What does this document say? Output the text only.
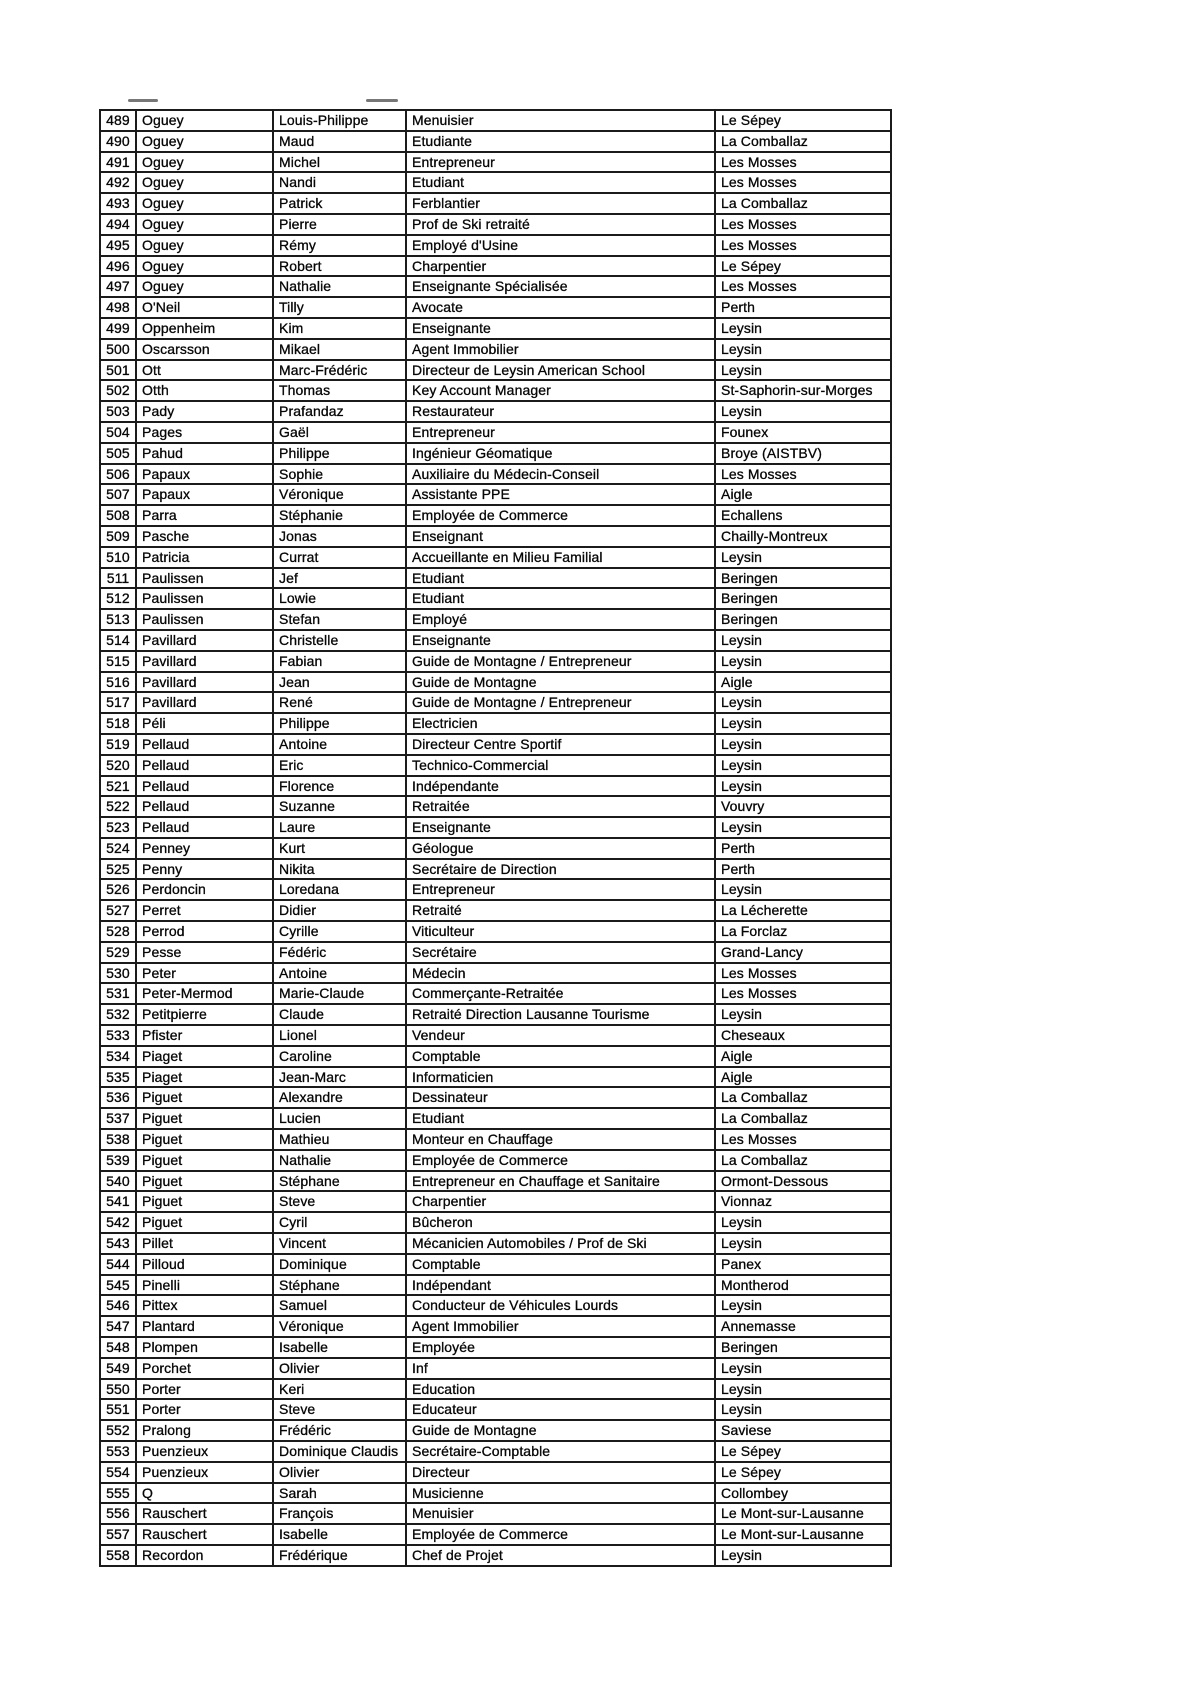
489	Oguey	Louis-Philippe	Menuisier	Le Sépey
490	Oguey	Maud	Etudiante	La Comballaz
491	Oguey	Michel	Entrepreneur	Les Mosses
492	Oguey	Nandi	Etudiant	Les Mosses
493	Oguey	Patrick	Ferblantier	La Comballaz
494	Oguey	Pierre	Prof de Ski retraité	Les Mosses
495	Oguey	Rémy	Employé d'Usine	Les Mosses
496	Oguey	Robert	Charpentier	Le Sépey
497	Oguey	Nathalie	Enseignante Spécialisée	Les Mosses
498	O'Neil	Tilly	Avocate	Perth
499	Oppenheim	Kim	Enseignante	Leysin
500	Oscarsson	Mikael	Agent Immobilier	Leysin
501	Ott	Marc-Frédéric	Directeur de Leysin American School	Leysin
502	Otth	Thomas	Key Account Manager	St-Saphorin-sur-Morges
503	Pady	Prafandaz	Restaurateur	Leysin
504	Pages	Gaël	Entrepreneur	Founex
505	Pahud	Philippe	Ingénieur Géomatique	Broye (AISTBV)
506	Papaux	Sophie	Auxiliaire du Médecin-Conseil	Les Mosses
507	Papaux	Véronique	Assistante PPE	Aigle
508	Parra	Stéphanie	Employée de Commerce	Echallens
509	Pasche	Jonas	Enseignant	Chailly-Montreux
510	Patricia	Currat	Accueillante en Milieu Familial	Leysin
511	Paulissen	Jef	Etudiant	Beringen
512	Paulissen	Lowie	Etudiant	Beringen
513	Paulissen	Stefan	Employé	Beringen
514	Pavillard	Christelle	Enseignante	Leysin
515	Pavillard	Fabian	Guide de Montagne / Entrepreneur	Leysin
516	Pavillard	Jean	Guide de Montagne	Aigle
517	Pavillard	René	Guide de Montagne / Entrepreneur	Leysin
518	Péli	Philippe	Electricien	Leysin
519	Pellaud	Antoine	Directeur Centre Sportif	Leysin
520	Pellaud	Eric	Technico-Commercial	Leysin
521	Pellaud	Florence	Indépendante	Leysin
522	Pellaud	Suzanne	Retraitée	Vouvry
523	Pellaud	Laure	Enseignante	Leysin
524	Penney	Kurt	Géologue	Perth
525	Penny	Nikita	Secrétaire de Direction	Perth
526	Perdoncin	Loredana	Entrepreneur	Leysin
527	Perret	Didier	Retraité	La Lécherette
528	Perrod	Cyrille	Viticulteur	La Forclaz
529	Pesse	Fédéric	Secrétaire	Grand-Lancy
530	Peter	Antoine	Médecin	Les Mosses
531	Peter-Mermod	Marie-Claude	Commerçante-Retraitée	Les Mosses
532	Petitpierre	Claude	Retraité Direction Lausanne Tourisme	Leysin
533	Pfister	Lionel	Vendeur	Cheseaux
534	Piaget	Caroline	Comptable	Aigle
535	Piaget	Jean-Marc	Informaticien	Aigle
536	Piguet	Alexandre	Dessinateur	La Comballaz
537	Piguet	Lucien	Etudiant	La Comballaz
538	Piguet	Mathieu	Monteur en Chauffage	Les Mosses
539	Piguet	Nathalie	Employée de Commerce	La Comballaz
540	Piguet	Stéphane	Entrepreneur en Chauffage et Sanitaire	Ormont-Dessous
541	Piguet	Steve	Charpentier	Vionnaz
542	Piguet	Cyril	Bûcheron	Leysin
543	Pillet	Vincent	Mécanicien Automobiles / Prof de Ski	Leysin
544	Pilloud	Dominique	Comptable	Panex
545	Pinelli	Stéphane	Indépendant	Montherod
546	Pittex	Samuel	Conducteur de Véhicules Lourds	Leysin
547	Plantard	Véronique	Agent Immobilier	Annemasse
548	Plompen	Isabelle	Employée	Beringen
549	Porchet	Olivier	Inf	Leysin
550	Porter	Keri	Education	Leysin
551	Porter	Steve	Educateur	Leysin
552	Pralong	Frédéric	Guide de Montagne	Saviese
553	Puenzieux	Dominique Claudis	Secrétaire-Comptable	Le Sépey
554	Puenzieux	Olivier	Directeur	Le Sépey
555	Q	Sarah	Musicienne	Collombey
556	Rauschert	François	Menuisier	Le Mont-sur-Lausanne
557	Rauschert	Isabelle	Employée de Commerce	Le Mont-sur-Lausanne
558	Recordon	Frédérique	Chef de Projet	Leysin
